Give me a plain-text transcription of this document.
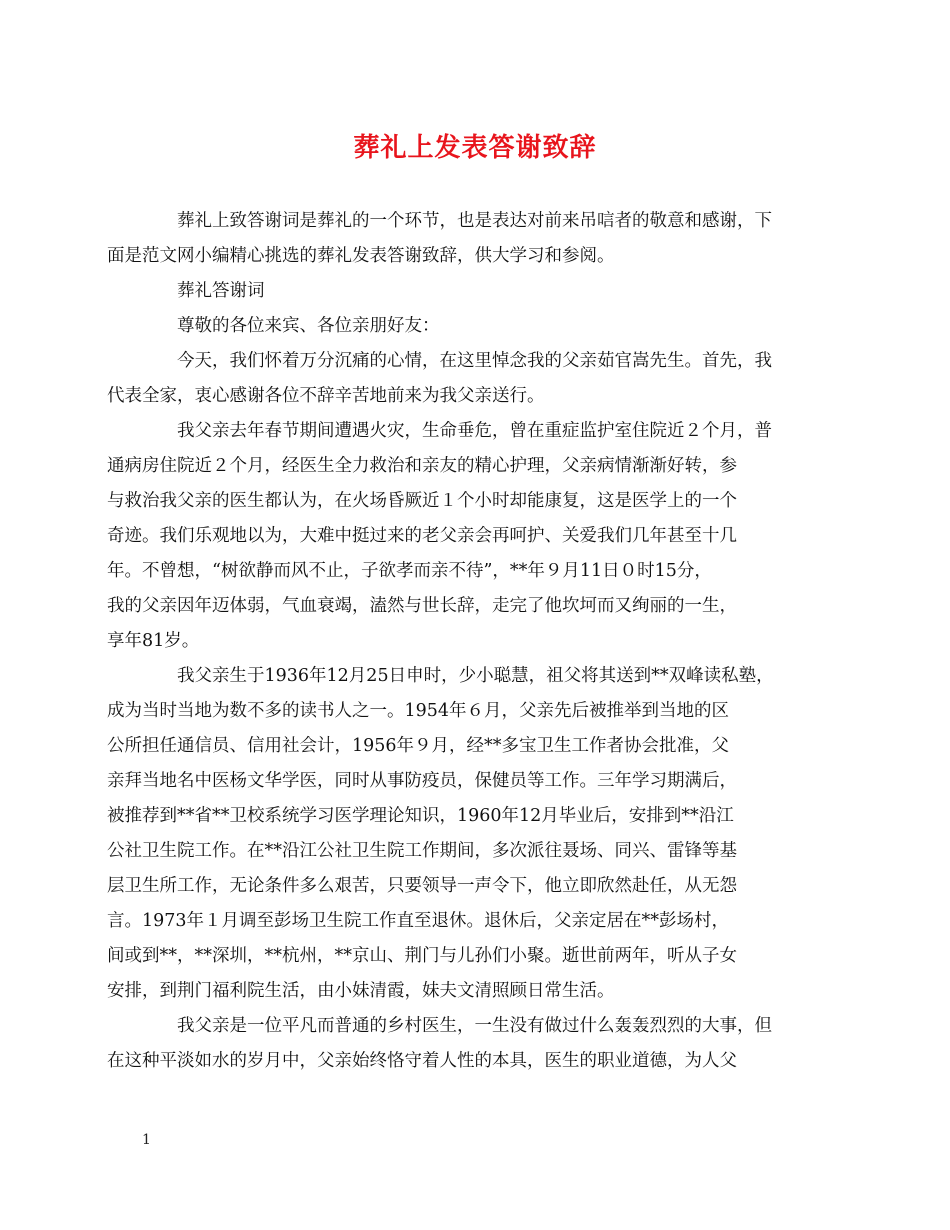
葬礼上发表答谢致辞

葬礼上致答谢词是葬礼的一个环节，也是表达对前来吊唁者的敬意和感谢，下
面是范文网小编精心挑选的葬礼发表答谢致辞，供大学习和参阅。

葬礼答谢词

尊敬的各位来宾、各位亲朋好友：

今天，我们怀着万分沉痛的心情，在这里悼念我的父亲茹官嵩先生。首先，我
代表全家，衷心感谢各位不辞辛苦地前来为我父亲送行。

我父亲去年春节期间遭遇火灾，生命垂危，曾在重症监护室住院近２个月，普
通病房住院近２个月，经医生全力救治和亲友的精心护理，父亲病情渐渐好转，参
与救治我父亲的医生都认为，在火场昏厥近１个小时却能康复，这是医学上的一个
奇迹。我们乐观地以为，大难中挺过来的老父亲会再呵护、关爱我们几年甚至十几
年。不曾想，“树欲静而风不止，子欲孝而亲不待”，**年９月11日０时15分，
我的父亲因年迈体弱，气血衰竭，溘然与世长辞，走完了他坎坷而又绚丽的一生，
享年81岁。

我父亲生于1936年12月25日申时，少小聪慧，祖父将其送到**双峰读私塾，
成为当时当地为数不多的读书人之一。1954年６月，父亲先后被推举到当地的区
公所担任通信员、信用社会计，1956年９月，经**多宝卫生工作者协会批准，父
亲拜当地名中医杨文华学医，同时从事防疫员，保健员等工作。三年学习期满后，
被推荐到**省**卫校系统学习医学理论知识，1960年12月毕业后，安排到**沿江
公社卫生院工作。在**沿江公社卫生院工作期间，多次派往聂场、同兴、雷锋等基
层卫生所工作，无论条件多么艰苦，只要领导一声令下，他立即欣然赴任，从无怨
言。1973年１月调至彭场卫生院工作直至退休。退休后，父亲定居在**彭场村，
间或到**，**深圳，**杭州，**京山、荆门与儿孙们小聚。逝世前两年，听从子女
安排，到荆门福利院生活，由小妹清霞，妹夫文清照顾日常生活。

我父亲是一位平凡而普通的乡村医生，一生没有做过什么轰轰烈烈的大事，但
在这种平淡如水的岁月中，父亲始终恪守着人性的本具，医生的职业道德，为人父

1
